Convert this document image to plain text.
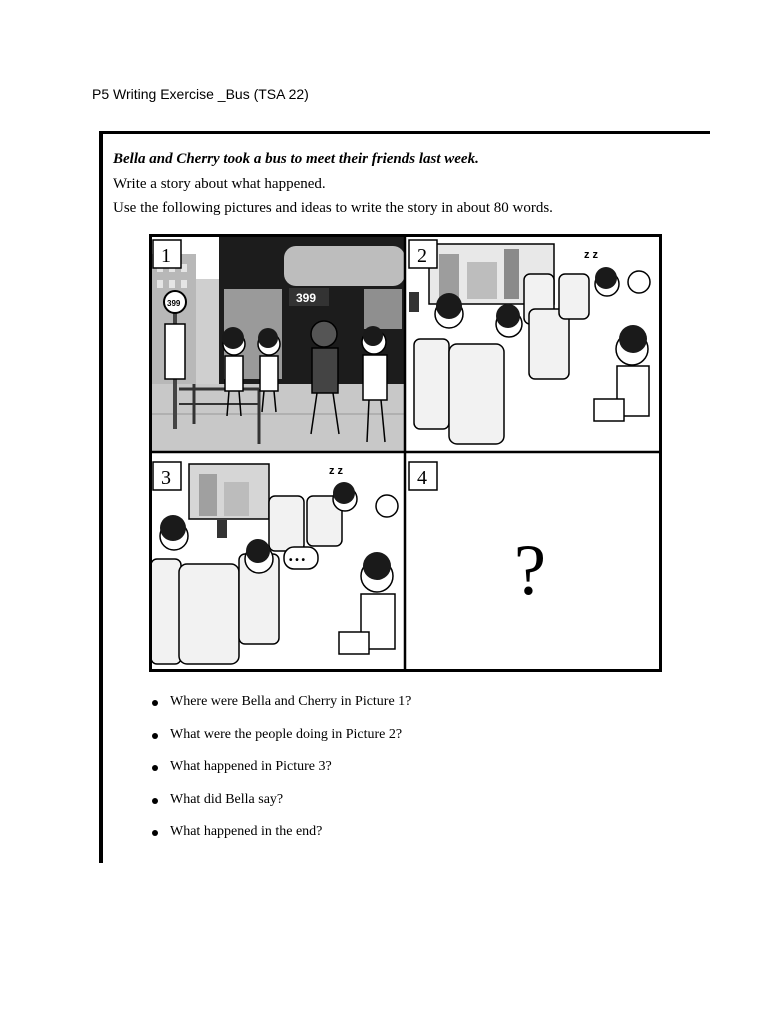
P5 Writing Exercise _Bus (TSA 22)
Bella and Cherry took a bus to meet their friends last week.
Write a story about what happened.
Use the following pictures and ideas to write the story in about 80 words.
399
399
1	z z
2
z z
• • •
3	4
?
Where were Bella and Cherry in Picture 1?
What were the people doing in Picture 2?
What happened in Picture 3?
What did Bella say?
What happened in the end?
